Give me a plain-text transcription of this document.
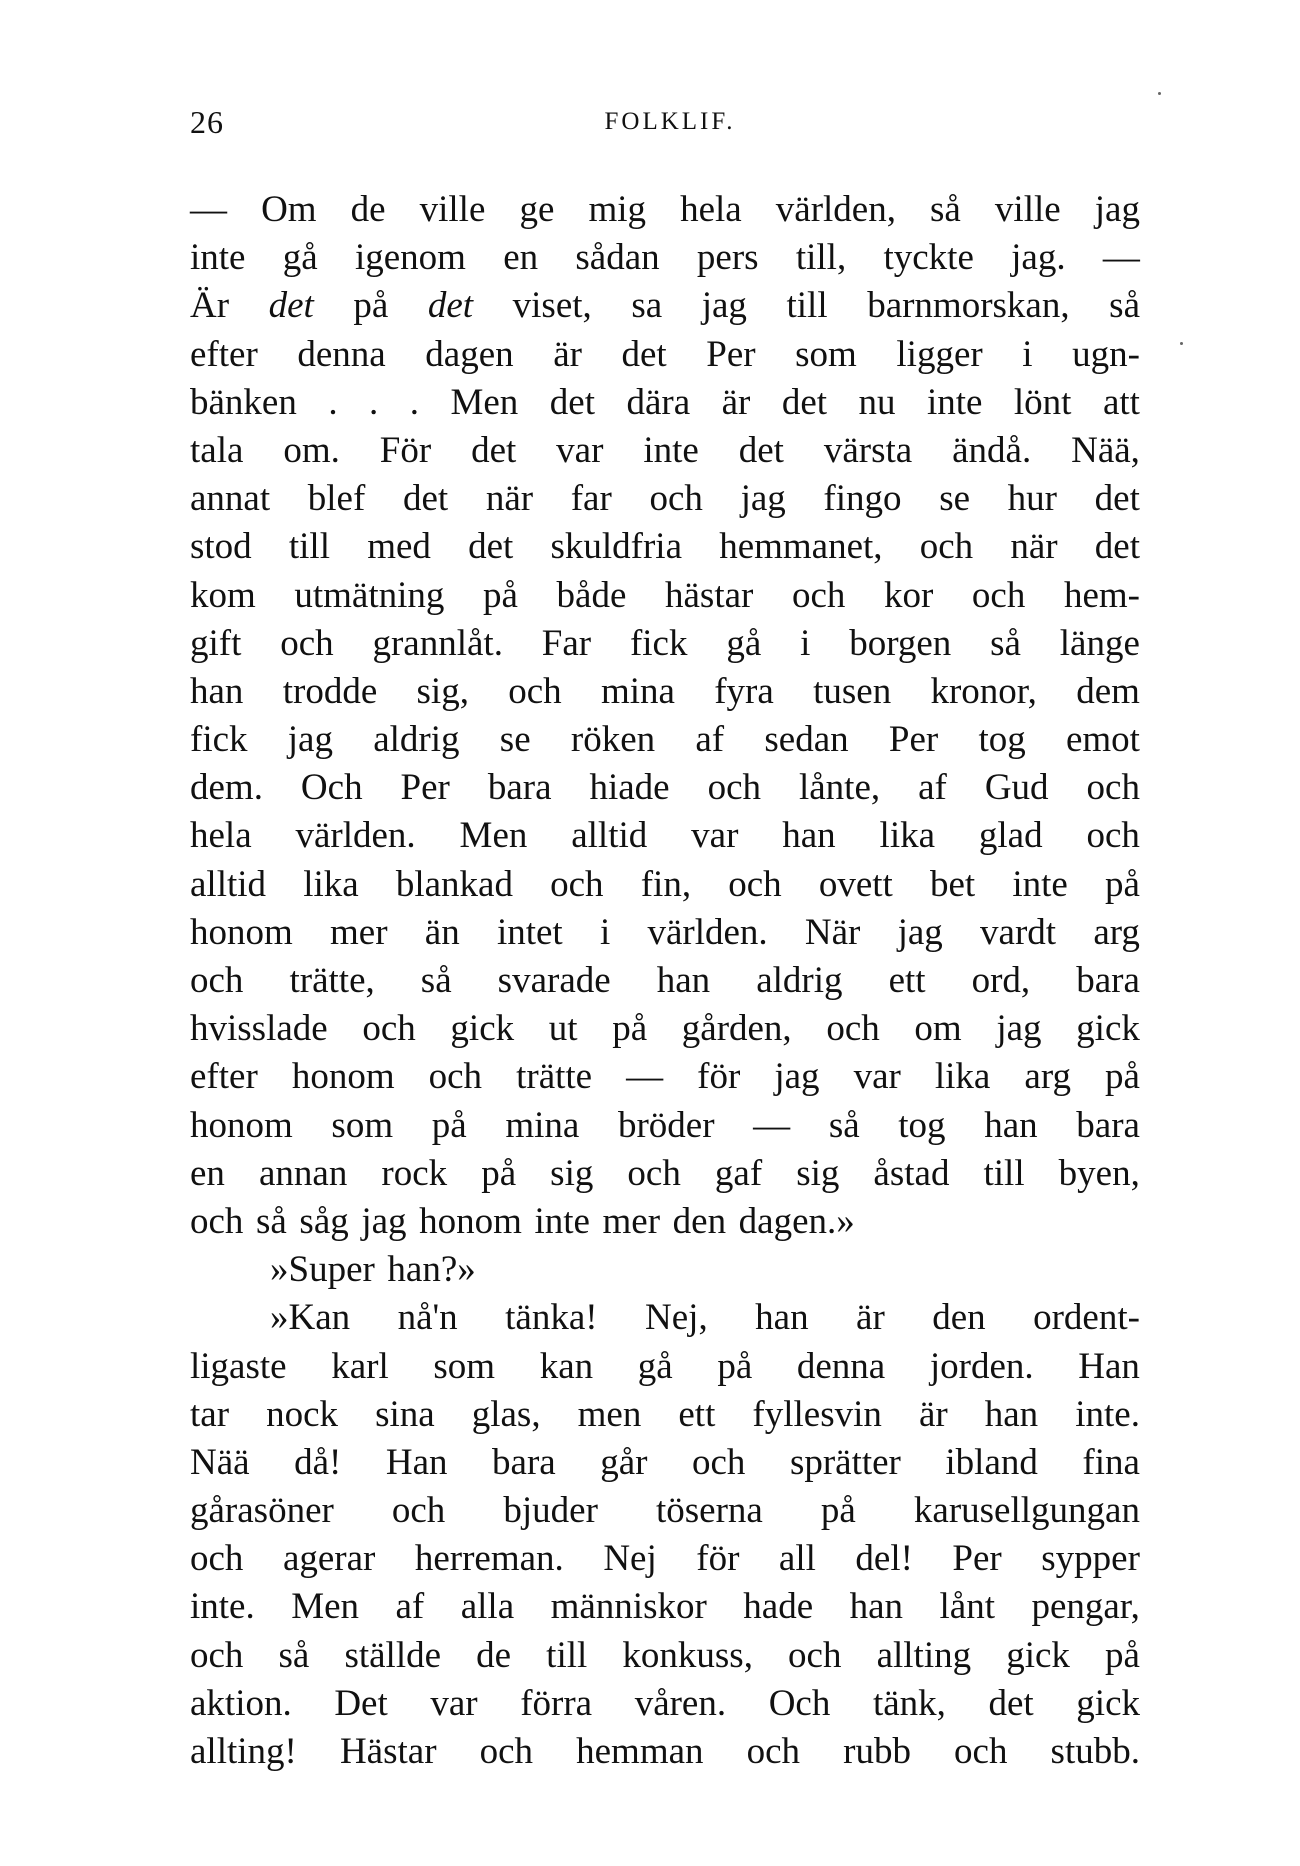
26	FOLKLIF.
— Om de ville ge mig hela världen, så ville jag
inte gå igenom en sådan pers till, tyckte jag. —
Är det på det viset, sa jag till barnmorskan, så
efter denna dagen är det Per som ligger i ugn-
bänken . . . Men det dära är det nu inte lönt att
tala om. För det var inte det värsta ändå. Nää,
annat blef det när far och jag fingo se hur det
stod till med det skuldfria hemmanet, och när det
kom utmätning på både hästar och kor och hem-
gift och grannlåt. Far fick gå i borgen så länge
han trodde sig, och mina fyra tusen kronor, dem
fick jag aldrig se röken af sedan Per tog emot
dem. Och Per bara hiade och lånte, af Gud och
hela världen. Men alltid var han lika glad och
alltid lika blankad och fin, och ovett bet inte på
honom mer än intet i världen. När jag vardt arg
och trätte, så svarade han aldrig ett ord, bara
hvisslade och gick ut på gården, och om jag gick
efter honom och trätte — för jag var lika arg på
honom som på mina bröder — så tog han bara
en annan rock på sig och gaf sig åstad till byen,
och så såg jag honom inte mer den dagen.»
»Super han?»
»Kan nå'n tänka! Nej, han är den ordent-
ligaste karl som kan gå på denna jorden. Han
tar nock sina glas, men ett fyllesvin är han inte.
Nää då! Han bara går och sprätter ibland fina
gårasöner och bjuder töserna på karusellgungan
och agerar herreman. Nej för all del! Per sypper
inte. Men af alla människor hade han lånt pengar,
och så ställde de till konkuss, och allting gick på
aktion. Det var förra våren. Och tänk, det gick
allting! Hästar och hemman och rubb och stubb.
